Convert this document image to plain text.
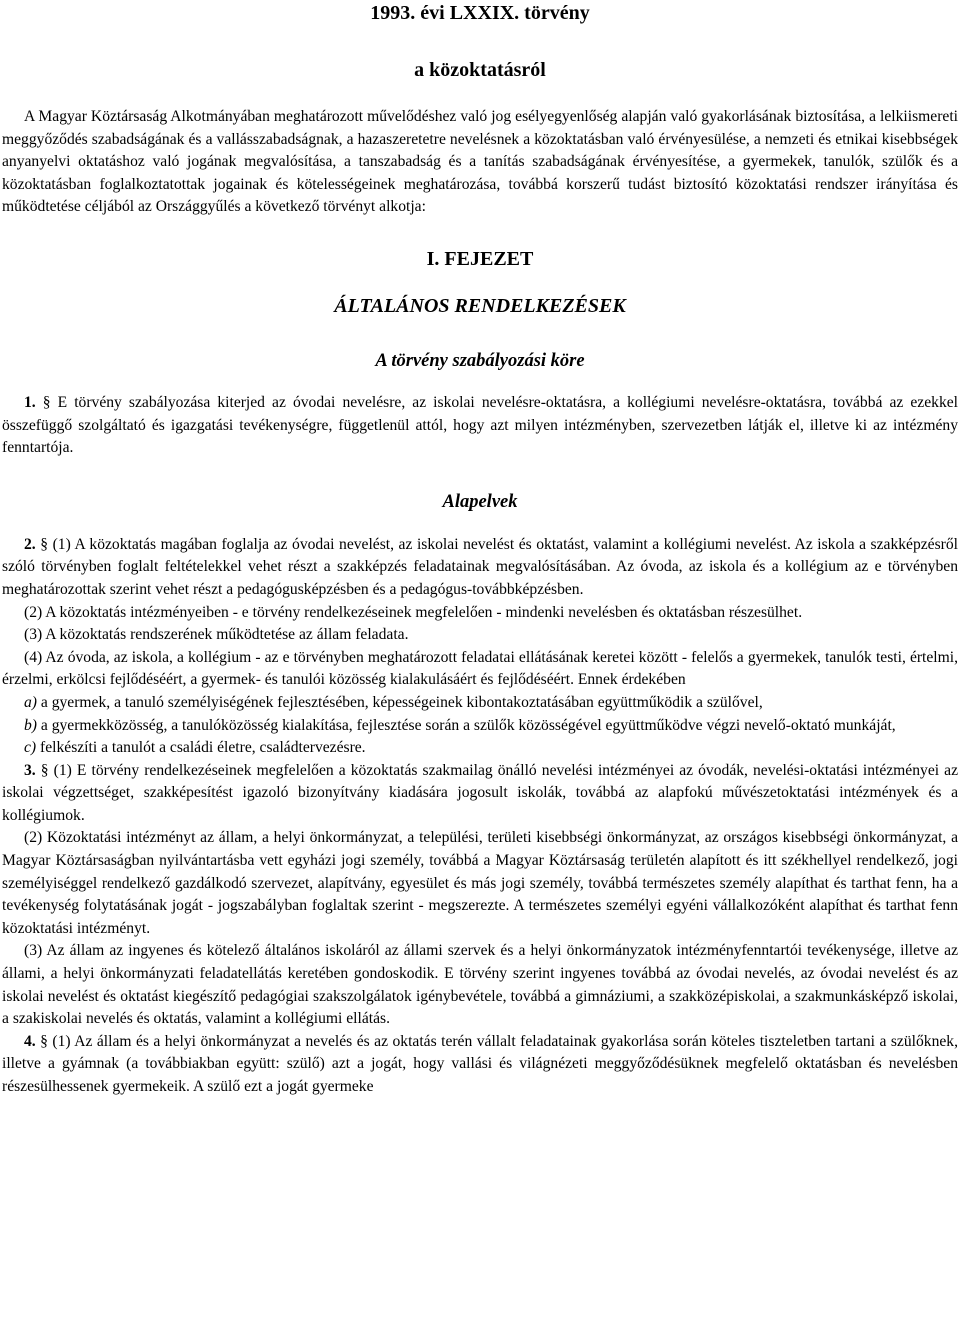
1993. évi LXXIX. törvény

a közoktatásról

A Magyar Köztársaság Alkotmányában meghatározott művelődéshez való jog esélyegyenlőség alapján való gyakorlásának biztosítása, a lelkiismereti meggyőződés szabadságának és a vallásszabadságnak, a hazaszeretetre nevelésnek a közoktatásban való érvényesülése, a nemzeti és etnikai kisebbségek anyanyelvi oktatáshoz való jogának megvalósítása, a tanszabadság és a tanítás szabadságának érvényesítése, a gyermekek, tanulók, szülők és a közoktatásban foglalkoztatottak jogainak és kötelességeinek meghatározása, továbbá korszerű tudást biztosító közoktatási rendszer irányítása és működtetése céljából az Országgyűlés a következő törvényt alkotja:

I. FEJEZET

ÁLTALÁNOS RENDELKEZÉSEK

A törvény szabályozási köre

1. § E törvény szabályozása kiterjed az óvodai nevelésre, az iskolai nevelésre-oktatásra, a kollégiumi nevelésre-oktatásra, továbbá az ezekkel összefüggő szolgáltató és igazgatási tevékenységre, függetlenül attól, hogy azt milyen intézményben, szervezetben látják el, illetve ki az intézmény fenntartója.

Alapelvek

2. § (1) A közoktatás magában foglalja az óvodai nevelést, az iskolai nevelést és oktatást, valamint a kollégiumi nevelést. Az iskola a szakképzésről szóló törvényben foglalt feltételekkel vehet részt a szakképzés feladatainak megvalósításában. Az óvoda, az iskola és a kollégium az e törvényben meghatározottak szerint vehet részt a pedagógusképzésben és a pedagógus-továbbképzésben.

(2) A közoktatás intézményeiben - e törvény rendelkezéseinek megfelelően - mindenki nevelésben és oktatásban részesülhet.

(3) A közoktatás rendszerének működtetése az állam feladata.

(4) Az óvoda, az iskola, a kollégium - az e törvényben meghatározott feladatai ellátásának keretei között - felelős a gyermekek, tanulók testi, értelmi, érzelmi, erkölcsi fejlődéséért, a gyermek- és tanulói közösség kialakulásáért és fejlődéséért. Ennek érdekében

a) a gyermek, a tanuló személyiségének fejlesztésében, képességeinek kibontakoztatásában együttműködik a szülővel,

b) a gyermekközösség, a tanulóközösség kialakítása, fejlesztése során a szülők közösségével együttműködve végzi nevelő-oktató munkáját,

c) felkészíti a tanulót a családi életre, családtervezésre.

3. § (1) E törvény rendelkezéseinek megfelelően a közoktatás szakmailag önálló nevelési intézményei az óvodák, nevelési-oktatási intézményei az iskolai végzettséget, szakképesítést igazoló bizonyítvány kiadására jogosult iskolák, továbbá az alapfokú művészetoktatási intézmények és a kollégiumok.

(2) Közoktatási intézményt az állam, a helyi önkormányzat, a települési, területi kisebbségi önkormányzat, az országos kisebbségi önkormányzat, a Magyar Köztársaságban nyilvántartásba vett egyházi jogi személy, továbbá a Magyar Köztársaság területén alapított és itt székhellyel rendelkező, jogi személyiséggel rendelkező gazdálkodó szervezet, alapítvány, egyesület és más jogi személy, továbbá természetes személy alapíthat és tarthat fenn, ha a tevékenység folytatásának jogát - jogszabályban foglaltak szerint - megszerezte. A természetes személyi egyéni vállalkozóként alapíthat és tarthat fenn közoktatási intézményt.

(3) Az állam az ingyenes és kötelező általános iskoláról az állami szervek és a helyi önkormányzatok intézményfenntartói tevékenysége, illetve az állami, a helyi önkormányzati feladatellátás keretében gondoskodik. E törvény szerint ingyenes továbbá az óvodai nevelés, az óvodai nevelést és az iskolai nevelést és oktatást kiegészítő pedagógiai szakszolgálatok igénybevétele, továbbá a gimnáziumi, a szakközépiskolai, a szakmunkásképző iskolai, a szakiskolai nevelés és oktatás, valamint a kollégiumi ellátás.

4. § (1) Az állam és a helyi önkormányzat a nevelés és az oktatás terén vállalt feladatainak gyakorlása során köteles tiszteletben tartani a szülőknek, illetve a gyámnak (a továbbiakban együtt: szülő) azt a jogát, hogy vallási és világnézeti meggyőződésüknek megfelelő oktatásban és nevelésben részesülhessenek gyermekeik. A szülő ezt a jogát gyermeke
